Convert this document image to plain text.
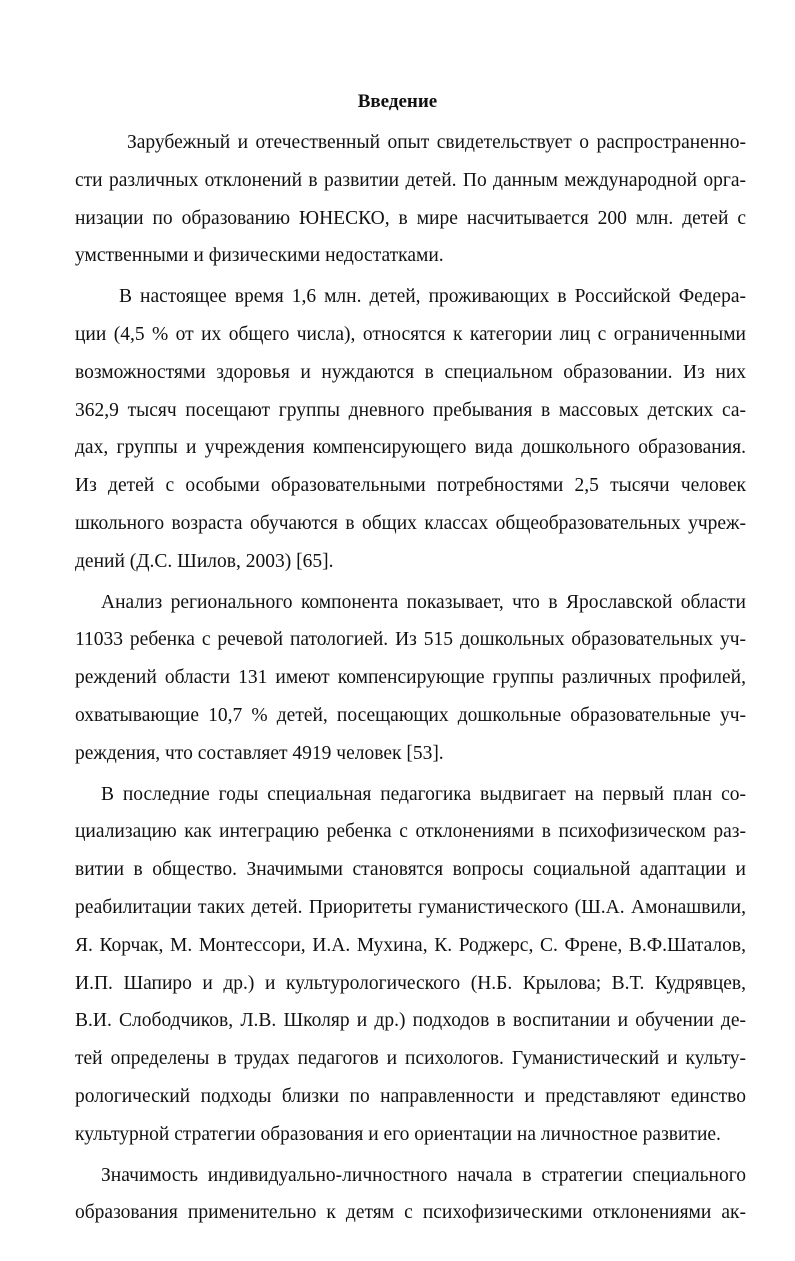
Введение
Зарубежный и отечественный опыт свидетельствует о распространенно-
сти различных отклонений в развитии детей. По данным международной орга-
низации по образованию ЮНЕСКО, в мире насчитывается 200 млн. детей с
умственными и физическими недостатками.
В настоящее время 1,6 млн. детей, проживающих в Российской Федера-
ции (4,5 % от их общего числа), относятся к категории лиц с ограниченными
возможностями здоровья и нуждаются в специальном образовании. Из них
362,9 тысяч посещают группы дневного пребывания в массовых детских са-
дах, группы и учреждения компенсирующего вида дошкольного образования.
Из детей с особыми образовательными потребностями 2,5 тысячи человек
школьного возраста обучаются в общих классах общеобразовательных учреж-
дений (Д.С. Шилов, 2003) [65].
Анализ регионального компонента показывает, что в Ярославской области
11033 ребенка с речевой патологией. Из 515 дошкольных образовательных уч-
реждений области 131 имеют компенсирующие группы различных профилей,
охватывающие 10,7 % детей, посещающих дошкольные образовательные уч-
реждения, что составляет 4919 человек [53].
В последние годы специальная педагогика выдвигает на первый план со-
циализацию как интеграцию ребенка с отклонениями в психофизическом раз-
витии в общество. Значимыми становятся вопросы социальной адаптации и
реабилитации таких детей. Приоритеты гуманистического (Ш.А. Амонашвили,
Я. Корчак, М. Монтессори, И.А. Мухина, К. Роджерс, С. Френе, В.Ф.Шаталов,
И.П. Шапиро и др.) и культурологического (Н.Б. Крылова; В.Т. Кудрявцев,
В.И. Слободчиков, Л.В. Школяр и др.) подходов в воспитании и обучении де-
тей определены в трудах педагогов и психологов. Гуманистический и культу-
рологический подходы близки по направленности и представляют единство
культурной стратегии образования и его ориентации на личностное развитие.
Значимость индивидуально-личностного начала в стратегии специального
образования применительно к детям с психофизическими отклонениями ак-
